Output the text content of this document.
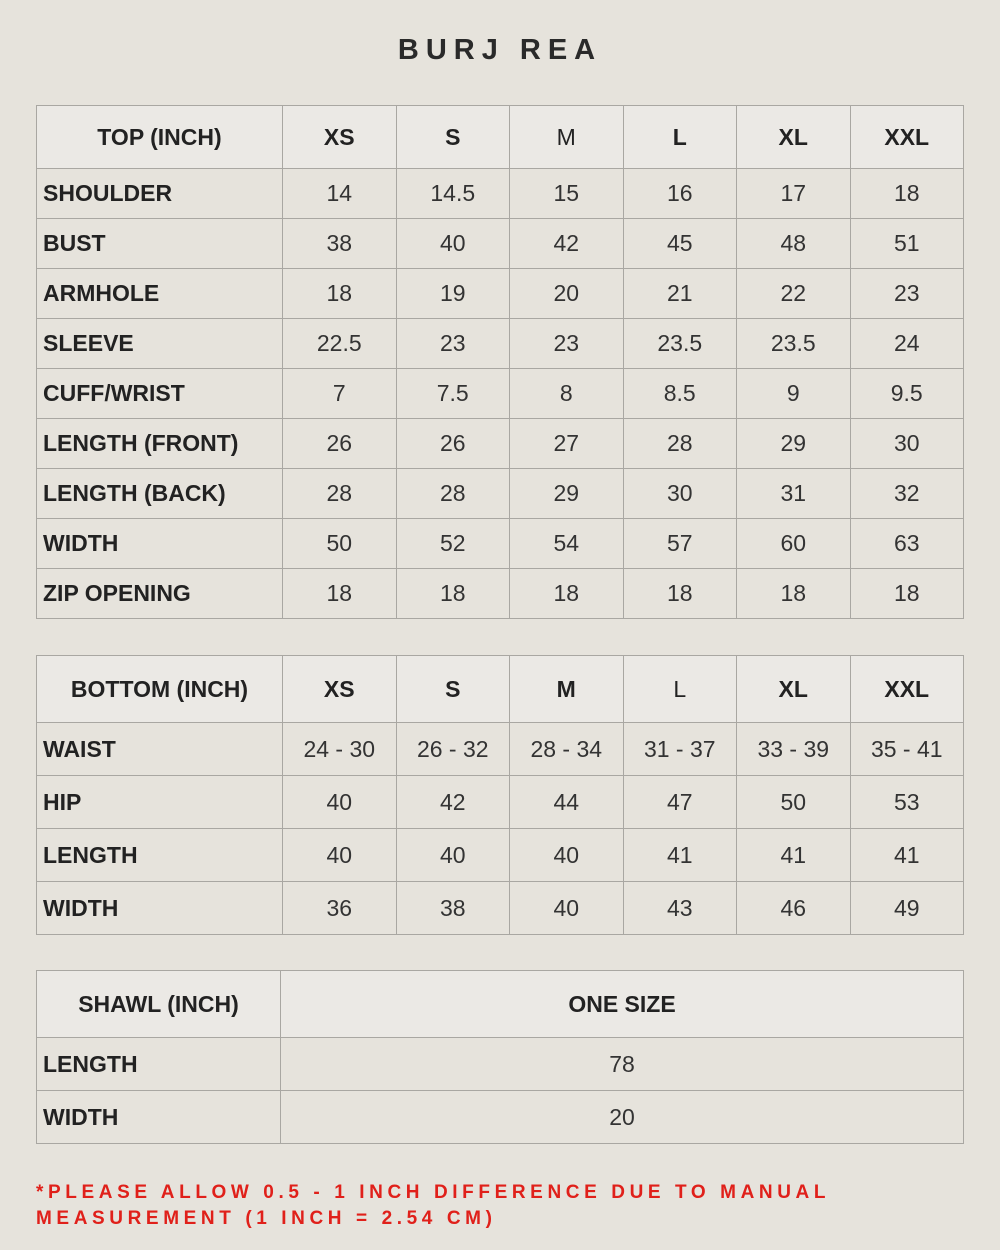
BURJ REA
TOP (INCH)	XS	S	M	L	XL	XXL
SHOULDER	14	14.5	15	16	17	18
BUST	38	40	42	45	48	51
ARMHOLE	18	19	20	21	22	23
SLEEVE	22.5	23	23	23.5	23.5	24
CUFF/WRIST	7	7.5	8	8.5	9	9.5
LENGTH (FRONT)	26	26	27	28	29	30
LENGTH (BACK)	28	28	29	30	31	32
WIDTH	50	52	54	57	60	63
ZIP OPENING	18	18	18	18	18	18
BOTTOM (INCH)	XS	S	M	L	XL	XXL
WAIST	24 - 30	26 - 32	28 - 34	31 - 37	33 - 39	35 - 41
HIP	40	42	44	47	50	53
LENGTH	40	40	40	41	41	41
WIDTH	36	38	40	43	46	49
SHAWL (INCH)	ONE SIZE
LENGTH	78
WIDTH	20
*PLEASE ALLOW 0.5 - 1 INCH DIFFERENCE DUE TO MANUAL
MEASUREMENT (1 INCH = 2.54 CM)
